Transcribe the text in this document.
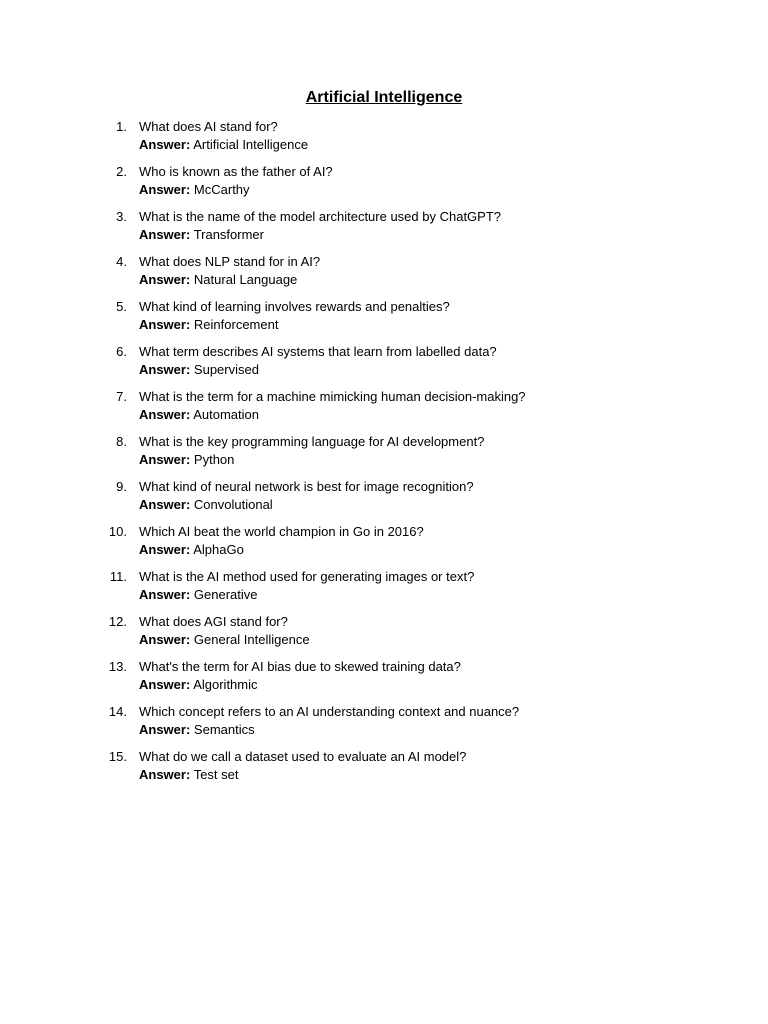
Artificial Intelligence
1. What does AI stand for?
Answer: Artificial Intelligence
2. Who is known as the father of AI?
Answer: McCarthy
3. What is the name of the model architecture used by ChatGPT?
Answer: Transformer
4. What does NLP stand for in AI?
Answer: Natural Language
5. What kind of learning involves rewards and penalties?
Answer: Reinforcement
6. What term describes AI systems that learn from labelled data?
Answer: Supervised
7. What is the term for a machine mimicking human decision-making?
Answer: Automation
8. What is the key programming language for AI development?
Answer: Python
9. What kind of neural network is best for image recognition?
Answer: Convolutional
10. Which AI beat the world champion in Go in 2016?
Answer: AlphaGo
11. What is the AI method used for generating images or text?
Answer: Generative
12. What does AGI stand for?
Answer: General Intelligence
13. What's the term for AI bias due to skewed training data?
Answer: Algorithmic
14. Which concept refers to an AI understanding context and nuance?
Answer: Semantics
15. What do we call a dataset used to evaluate an AI model?
Answer: Test set
